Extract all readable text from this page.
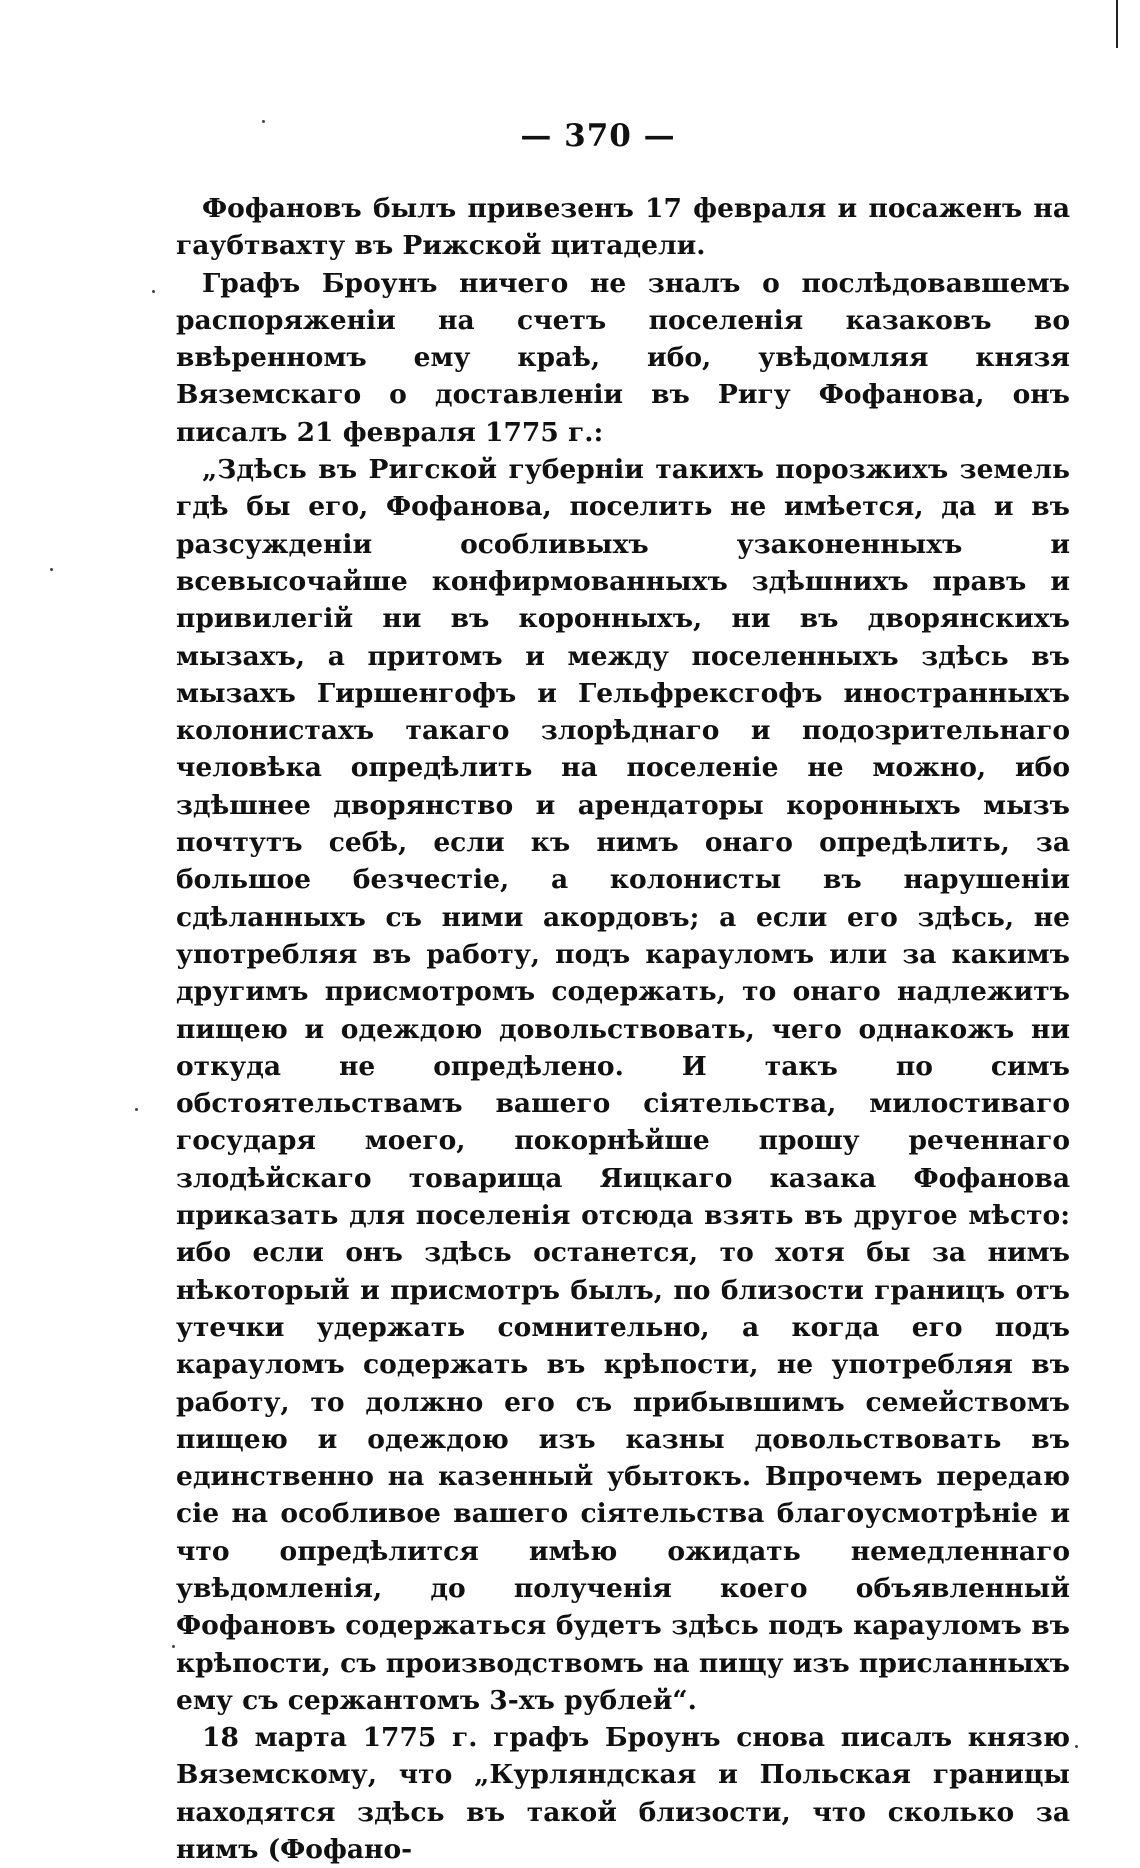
— 370 —

Фофановъ былъ привезенъ 17 февраля и посаженъ на гаубтвахту въ Рижской цитадели.

Графъ Броунъ ничего не зналъ о послѣдовавшемъ распоряженіи на счетъ поселенія казаковъ во ввѣренномъ ему краѣ, ибо, увѣдомляя князя Вяземскаго о доставленіи въ Ригу Фофанова, онъ писалъ 21 февраля 1775 г.:

„Здѣсь въ Ригской губерніи такихъ порозжихъ земель гдѣ бы его, Фофанова, поселить не имѣется, да и въ разсужденіи особливыхъ узаконенныхъ и всевысочайше конфирмованныхъ здѣшнихъ правъ и привилегій ни въ коронныхъ, ни въ дворянскихъ мызахъ, а притомъ и между поселенныхъ здѣсь въ мызахъ Гиршенгофъ и Гельфрексгофъ иностранныхъ колонистахъ такаго злорѣднаго и подозрительнаго человѣка опредѣлить на поселеніе не можно, ибо здѣшнее дворянство и арендаторы коронныхъ мызъ почтутъ себѣ, если къ нимъ онаго опредѣлить, за большое безчестіе, а колонисты въ нарушеніи сдѣланныхъ съ ними акордовъ; а если его здѣсь, не употребляя въ работу, подъ карауломъ или за какимъ другимъ присмотромъ содержать, то онаго надлежитъ пищею и одеждою довольствовать, чего однакожъ ни откуда не опредѣлено. И такъ по симъ обстоятельствамъ вашего сіятельства, милостиваго государя моего, покорнѣйше прошу реченнаго злодѣйскаго товарища Яицкаго казака Фофанова приказать для поселенія отсюда взять въ другое мѣсто: ибо если онъ здѣсь останется, то хотя бы за нимъ нѣкоторый и присмотръ былъ, по близости границъ отъ утечки удержать сомнительно, а когда его подъ карауломъ содержать въ крѣпости, не употребляя въ работу, то должно его съ прибывшимъ семействомъ пищею и одеждою изъ казны довольствовать въ единственно на казенный убытокъ. Впрочемъ передаю сіе на особливое вашего сіятельства благоусмотрѣніе и что опредѣлится имѣю ожидать немедленнаго увѣдомленія, до полученія коего объявленный Фофановъ содержаться будетъ здѣсь подъ карауломъ въ крѣпости, съ производствомъ на пищу изъ присланныхъ ему съ сержантомъ 3-хъ рублей“.

18 марта 1775 г. графъ Броунъ снова писалъ князю Вяземскому, что „Курляндская и Польская границы находятся здѣсь въ такой близости, что сколько за нимъ (Фофано-
